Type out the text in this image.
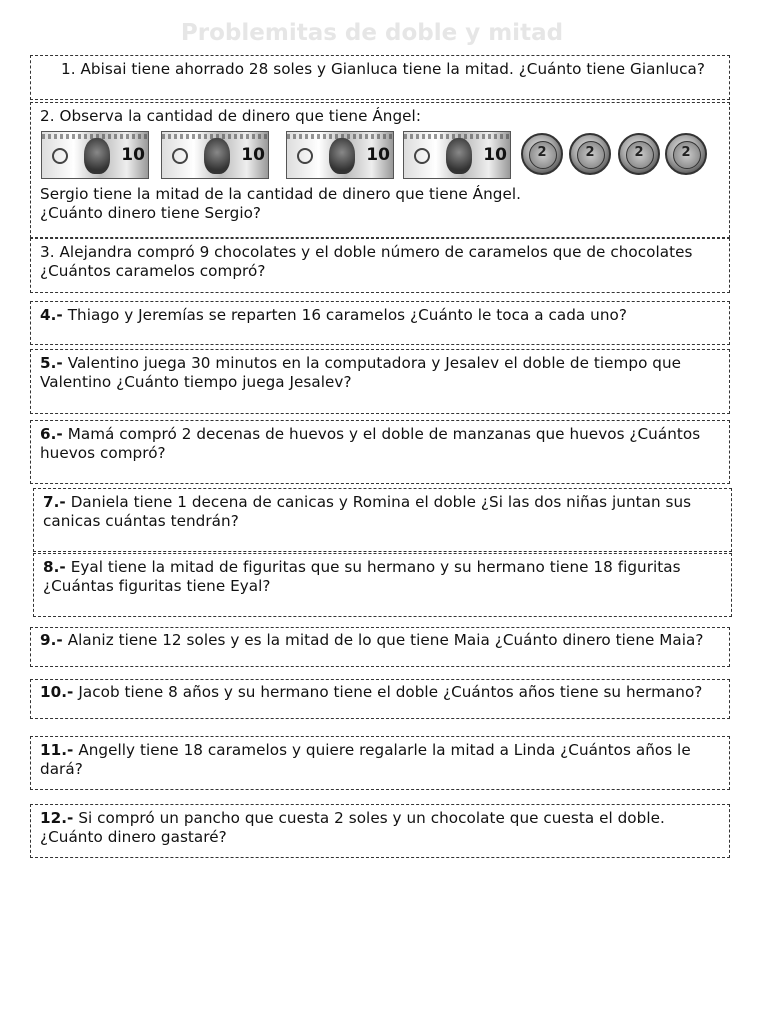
Problemitas de doble y mitad
1. Abisai tiene ahorrado 28 soles y Gianluca tiene la mitad. ¿Cuánto tiene Gianluca?
2. Observa la cantidad de dinero que tiene Ángel:
10	10	10	10	2	2	2	2
Sergio tiene la mitad de la cantidad de dinero que tiene Ángel.
¿Cuánto dinero tiene Sergio?
3. Alejandra compró 9 chocolates y el doble número de caramelos que de chocolates ¿Cuántos caramelos compró?
4.- Thiago y Jeremías se reparten 16 caramelos ¿Cuánto le toca a cada uno?
5.- Valentino juega 30 minutos en la computadora y Jesalev el doble de tiempo que Valentino ¿Cuánto tiempo juega Jesalev?
6.- Mamá compró 2 decenas de huevos y el doble de manzanas que huevos ¿Cuántos huevos compró?
7.- Daniela tiene 1 decena de canicas y Romina el doble ¿Si las dos niñas juntan sus canicas cuántas tendrán?
8.- Eyal tiene la mitad de figuritas que su hermano y su hermano tiene 18 figuritas ¿Cuántas figuritas tiene Eyal?
9.- Alaniz tiene 12 soles y es la mitad de lo que tiene Maia ¿Cuánto dinero tiene Maia?
10.- Jacob tiene 8 años y su hermano tiene el doble ¿Cuántos años tiene su hermano?
11.- Angelly tiene 18 caramelos y quiere regalarle la mitad a Linda ¿Cuántos años le dará?
12.- Si compró un pancho que cuesta 2 soles y un chocolate que cuesta el doble. ¿Cuánto dinero gastaré?
